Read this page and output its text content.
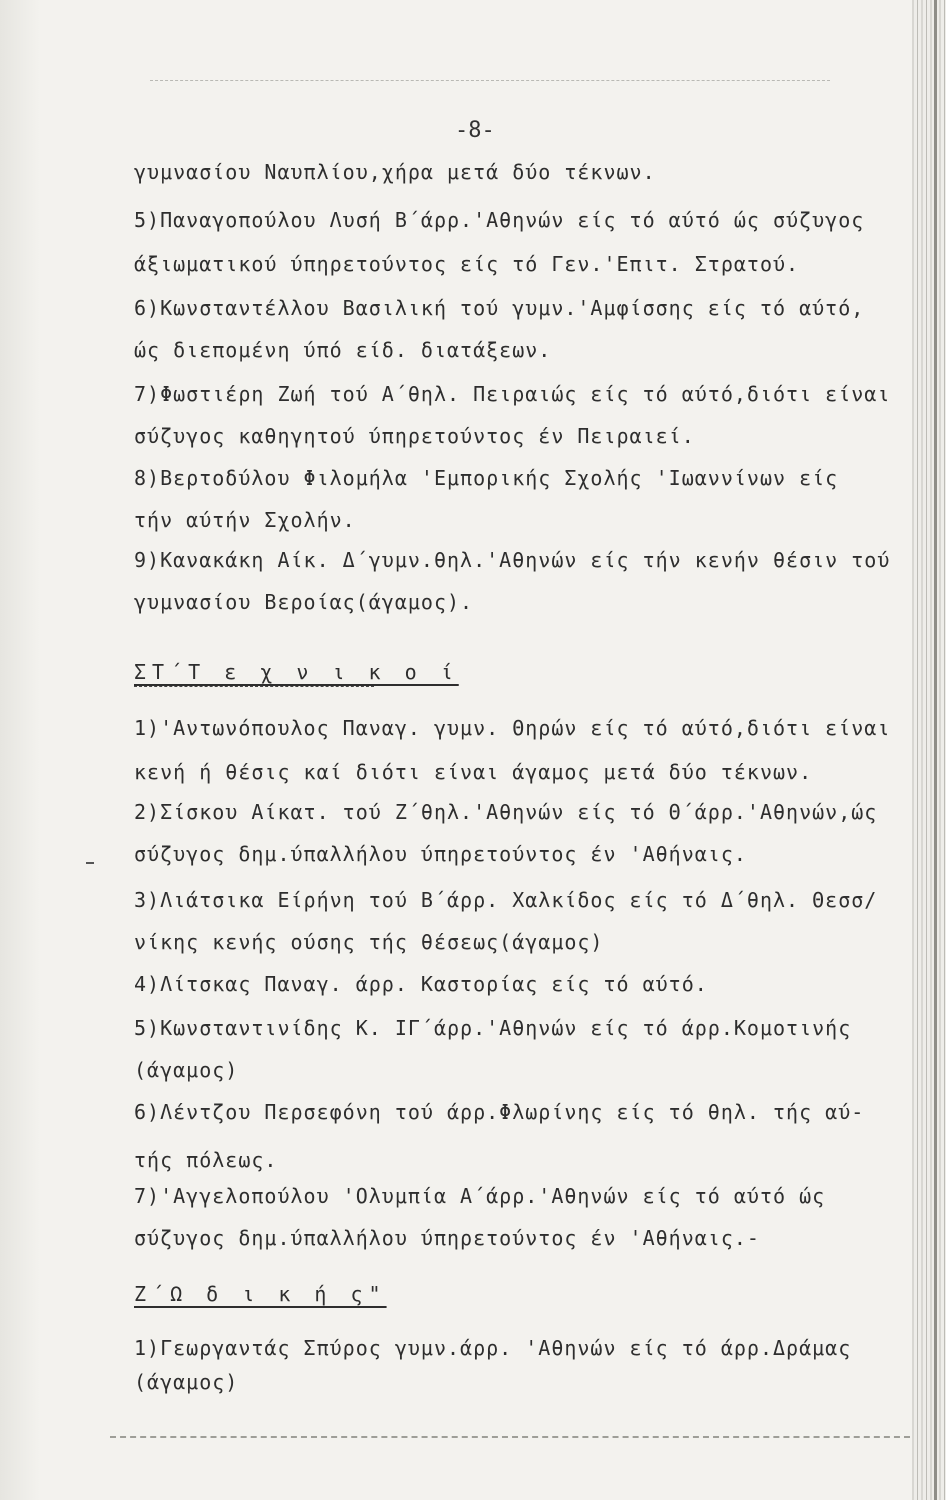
-8-
γυμνασίου Ναυπλίου,χήρα μετά δύο τέκνων.
5)Παναγοπούλου Λυσή Β΄άρρ.'Αθηνών είς τό αύτό ώς σύζυγος
άξιωματικού ύπηρετούντος είς τό Γεν.'Επιτ. Στρατού.
6)Κωνσταντέλλου Βασιλική τού γυμν.'Αμφίσσης είς τό αύτό,
ώς διεπομένη ύπό είδ. διατάξεων.
7)Φωστιέρη Ζωή τού Α΄θηλ. Πειραιώς είς τό αύτό,διότι είναι
σύζυγος καθηγητού ύπηρετούντος έν Πειραιεί.
8)Βερτοδύλου Φιλομήλα 'Εμπορικής Σχολής 'Ιωαννίνων είς
τήν αύτήν Σχολήν.
9)Κανακάκη Αίκ. Δ΄γυμν.θηλ.'Αθηνών είς τήν κενήν θέσιν τού
γυμνασίου Βεροίας(άγαμος).
ΣΤ΄Τ ε χ ν ι κ ο ί
1)'Αντωνόπουλος Παναγ. γυμν. Θηρών είς τό αύτό,διότι είναι
κενή ή θέσις καί διότι είναι άγαμος μετά δύο τέκνων.
2)Σίσκου Αίκατ. τού Ζ΄θηλ.'Αθηνών είς τό Θ΄άρρ.'Αθηνών,ώς
σύζυγος δημ.ύπαλλήλου ύπηρετούντος έν 'Αθήναις.
3)Λιάτσικα Είρήνη τού Β΄άρρ. Χαλκίδος είς τό Δ΄θηλ. Θεσσ/
νίκης κενής ούσης τής θέσεως(άγαμος)
4)Λίτσκας Παναγ. άρρ. Καστορίας είς τό αύτό.
5)Κωνσταντινίδης Κ. ΙΓ΄άρρ.'Αθηνών είς τό άρρ.Κομοτινής
(άγαμος)
6)Λέντζου Περσεφόνη τού άρρ.Φλωρίνης είς τό θηλ. τής αύ-
τής πόλεως.
7)'Αγγελοπούλου 'Ολυμπία Α΄άρρ.'Αθηνών είς τό αύτό ώς
σύζυγος δημ.ύπαλλήλου ύπηρετούντος έν 'Αθήναις.-
Ζ΄Ω δ ι κ ή ς"
1)Γεωργαντάς Σπύρος γυμν.άρρ. 'Αθηνών είς τό άρρ.Δράμας
(άγαμος)
